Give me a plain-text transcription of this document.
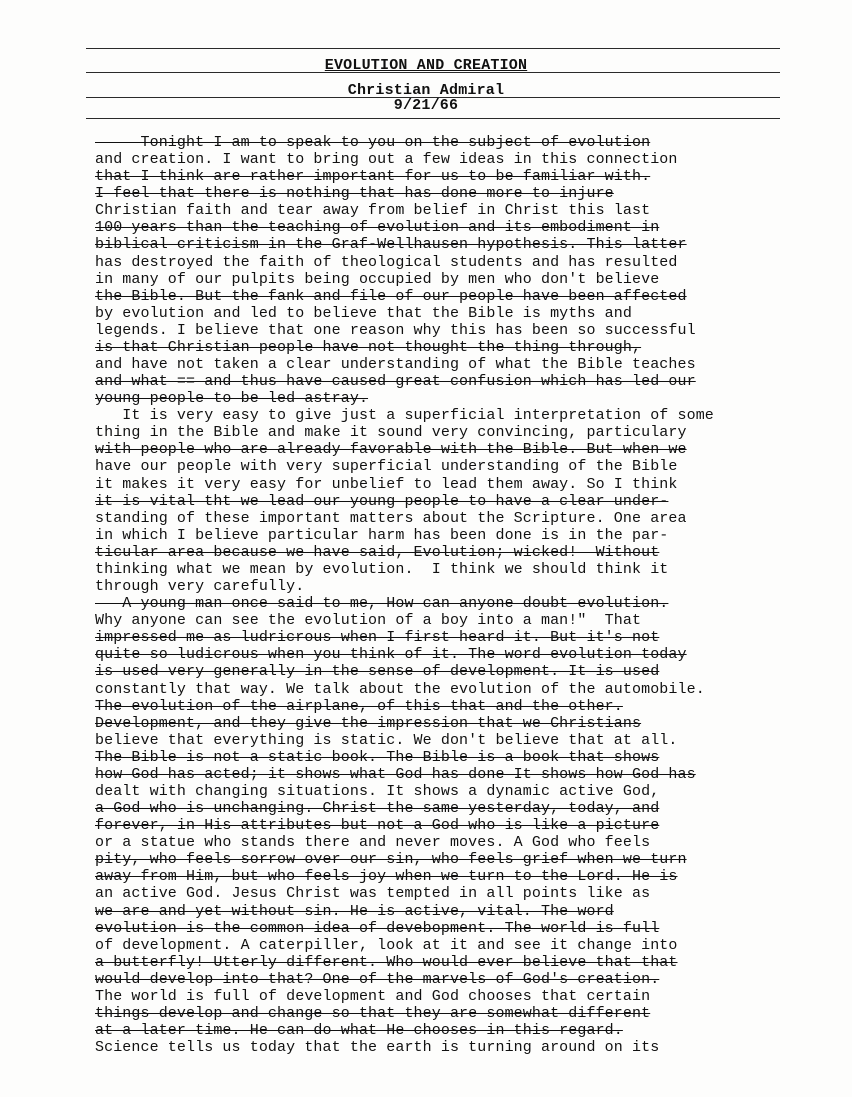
EVOLUTION AND CREATION
Christian Admiral
9/21/66
Tonight I am to speak to you on the subject of evolution
and creation. I want to bring out a few ideas in this connection
that I think are rather important for us to be familiar with.
I feel that there is nothing that has done more to injure
Christian faith and tear away from belief in Christ this last
100 years than the teaching of evolution and its embodiment in
biblical criticism in the Graf-Wellhausen hypothesis. This latter
has destroyed the faith of theological students and has resulted
in many of our pulpits being occupied by men who don't believe
the Bible. But the fank and file of our people have been affected
by evolution and led to believe that the Bible is myths and
legends. I believe that one reason why this has been so successful
is that Christian people have not thought the thing through,
and have not taken a clear understanding of what the Bible teaches
and what == and thus have caused great confusion which has led our
young people to be led astray.
It is very easy to give just a superficial interpretation of some
thing in the Bible and make it sound very convincing, particulary
with people who are already favorable with the Bible. But when we
have our people with very superficial understanding of the Bible
it makes it very easy for unbelief to lead them away. So I think
it is vital tht we lead our young people to have a clear under-
standing of these important matters about the Scripture. One area
in which I believe particular harm has been done is in the par-
ticular area because we have said, Evolution; wicked!  Without
thinking what we mean by evolution.  I think we should think it
through very carefully.
A young man once said to me, How can anyone doubt evolution.
Why anyone can see the evolution of a boy into a man!"  That
impressed me as ludricrous when I first heard it. But it's not
quite so ludicrous when you think of it. The word evolution today
is used very generally in the sense of development. It is used
constantly that way. We talk about the evolution of the automobile.
The evolution of the airplane, of this that and the other.
Development, and they give the impression that we Christians
believe that everything is static. We don't believe that at all.
The Bible is not a static book. The Bible is a book that shows
how God has acted; it shows what God has done It shows how God has
dealt with changing situations. It shows a dynamic active God,
a God who is unchanging. Christ the same yesterday, today, and
forever, in His attributes but not a God who is like a picture
or a statue who stands there and never moves. A God who feels
pity, who feels sorrow over our sin, who feels grief when we turn
away from Him, but who feels joy when we turn to the Lord. He is
an active God. Jesus Christ was tempted in all points like as
we are and yet without sin. He is active, vital. The word
evolution is the common idea of devebopment. The world is full
of development. A caterpiller, look at it and see it change into
a butterfly! Utterly different. Who would ever believe that that
would develop into that? One of the marvels of God's creation.
The world is full of development and God chooses that certain
things develop and change so that they are somewhat different
at a later time. He can do what He chooses in this regard.
Science tells us today that the earth is turning around on its
